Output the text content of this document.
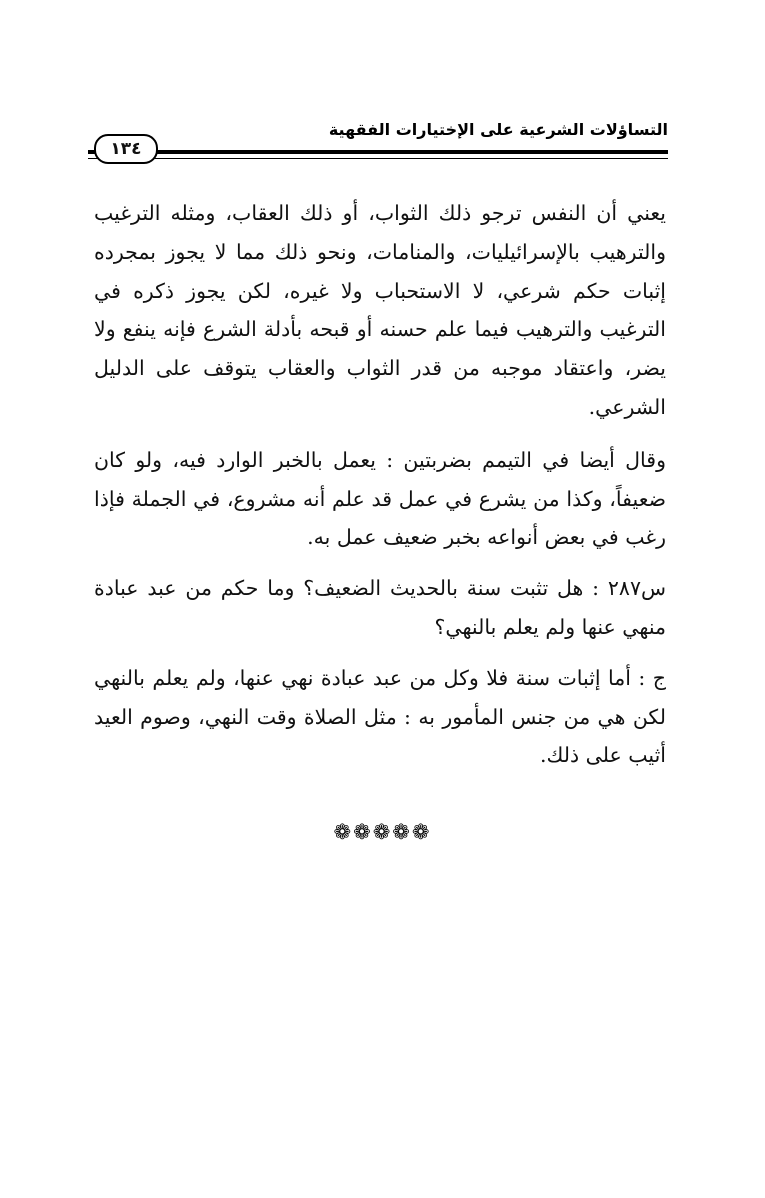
التساؤلات الشرعية على الإختيارات الفقهية
١٣٤

يعني أن النفس ترجو ذلك الثواب، أو ذلك العقاب، ومثله الترغيب والترهيب بالإسرائيليات، والمنامات، ونحو ذلك مما لا يجوز بمجرده إثبات حكم شرعي، لا الاستحباب ولا غيره، لكن يجوز ذكره في الترغيب والترهيب فيما علم حسنه أو قبحه بأدلة الشرع فإنه ينفع ولا يضر، واعتقاد موجبه من قدر الثواب والعقاب يتوقف على الدليل الشرعي.

وقال أيضا في التيمم بضربتين : يعمل بالخبر الوارد فيه، ولو كان ضعيفاً، وكذا من يشرع في عمل قد علم أنه مشروع، في الجملة فإذا رغب في بعض أنواعه بخبر ضعيف عمل به.

س٢٨٧ : هل تثبت سنة بالحديث الضعيف؟ وما حكم من عبد عبادة منهي عنها ولم يعلم بالنهي؟

ج : أما إثبات سنة فلا وكل من عبد عبادة نهي عنها، ولم يعلم بالنهي لكن هي من جنس المأمور به : مثل الصلاة وقت النهي، وصوم العيد أثيب على ذلك.

❁❁❁❁❁
